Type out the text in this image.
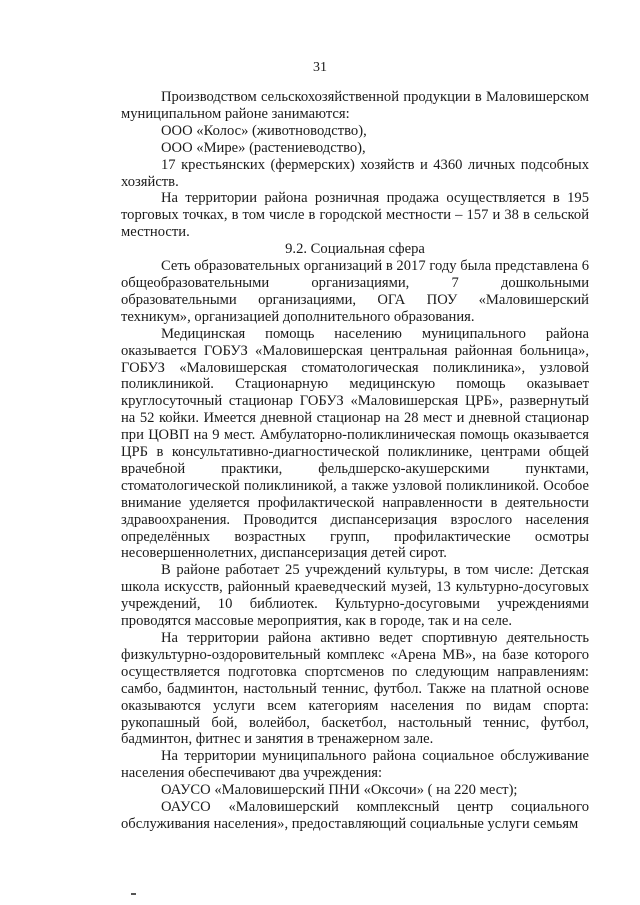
31

Производством сельскохозяйственной продукции в Маловишерском муниципальном районе занимаются:

ООО «Колос» (животноводство),

ООО «Мире» (растениеводство),

17 крестьянских (фермерских) хозяйств и 4360 личных подсобных хозяйств.

На территории района розничная продажа осуществляется в 195 торговых точках, в том числе в городской местности – 157 и 38 в сельской местности.

9.2. Социальная сфера

Сеть образовательных организаций в 2017 году была представлена 6 общеобразовательными организациями, 7 дошкольными образовательными организациями, ОГА ПОУ «Маловишерский техникум», организацией дополнительного образования.

Медицинская помощь населению муниципального района оказывается ГОБУЗ «Маловишерская центральная районная больница», ГОБУЗ «Маловишерская стоматологическая поликлиника», узловой поликлиникой. Стационарную медицинскую помощь оказывает круглосуточный стационар ГОБУЗ «Маловишерская ЦРБ», развернутый на 52 койки. Имеется дневной стационар на 28 мест и дневной стационар при ЦОВП на 9 мест. Амбулаторно-поликлиническая помощь оказывается ЦРБ в консультативно-диагностической поликлинике, центрами общей врачебной практики, фельдшерско-акушерскими пунктами, стоматологической поликлиникой, а также узловой поликлиникой. Особое внимание уделяется профилактической направленности в деятельности здравоохранения. Проводится диспансеризация взрослого населения определённых возрастных групп, профилактические осмотры несовершеннолетних, диспансеризация детей сирот.

В районе работает 25 учреждений культуры, в том числе: Детская школа искусств, районный краеведческий музей, 13 культурно-досуговых учреждений, 10 библиотек. Культурно-досуговыми учреждениями проводятся массовые мероприятия, как в городе, так и на селе.

На территории района активно ведет спортивную деятельность физкультурно-оздоровительный комплекс «Арена МВ», на базе которого осуществляется подготовка спортсменов по следующим направлениям: самбо, бадминтон, настольный теннис, футбол. Также на платной основе оказываются услуги всем категориям населения по видам спорта: рукопашный бой, волейбол, баскетбол, настольный теннис, футбол, бадминтон, фитнес и занятия в тренажерном зале.

На территории муниципального района социальное обслуживание населения обеспечивают два учреждения:

ОАУСО «Маловишерский ПНИ «Оксочи» ( на 220 мест);

ОАУСО «Маловишерский комплексный центр социального обслуживания населения», предоставляющий социальные услуги семьям
